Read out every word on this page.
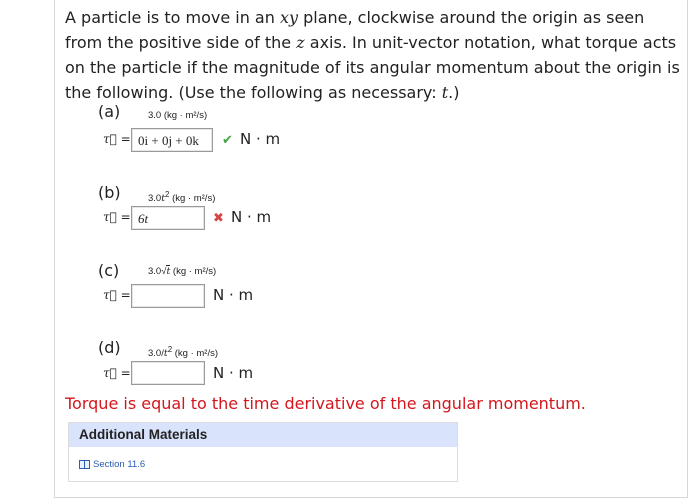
A particle is to move in an xy plane, clockwise around the origin as seen from the positive side of the z axis. In unit-vector notation, what torque acts on the particle if the magnitude of its angular momentum about the origin is the following. (Use the following as necessary: t.)

(a)	3.0 (kg · m²/s)
τ⃗ = 0i + 0j + 0k	✔ N · m
(b)	$3.0t^2$ (kg · m²/s)
τ⃗ = 6t	✖ N · m
(c)	3.0√t (kg · m²/s)
τ⃗ =	N · m
(d)	$3.0/t^2$ (kg · m²/s)
τ⃗ =	N · m
Torque is equal to the time derivative of the angular momentum.
Additional Materials
Section 11.6
